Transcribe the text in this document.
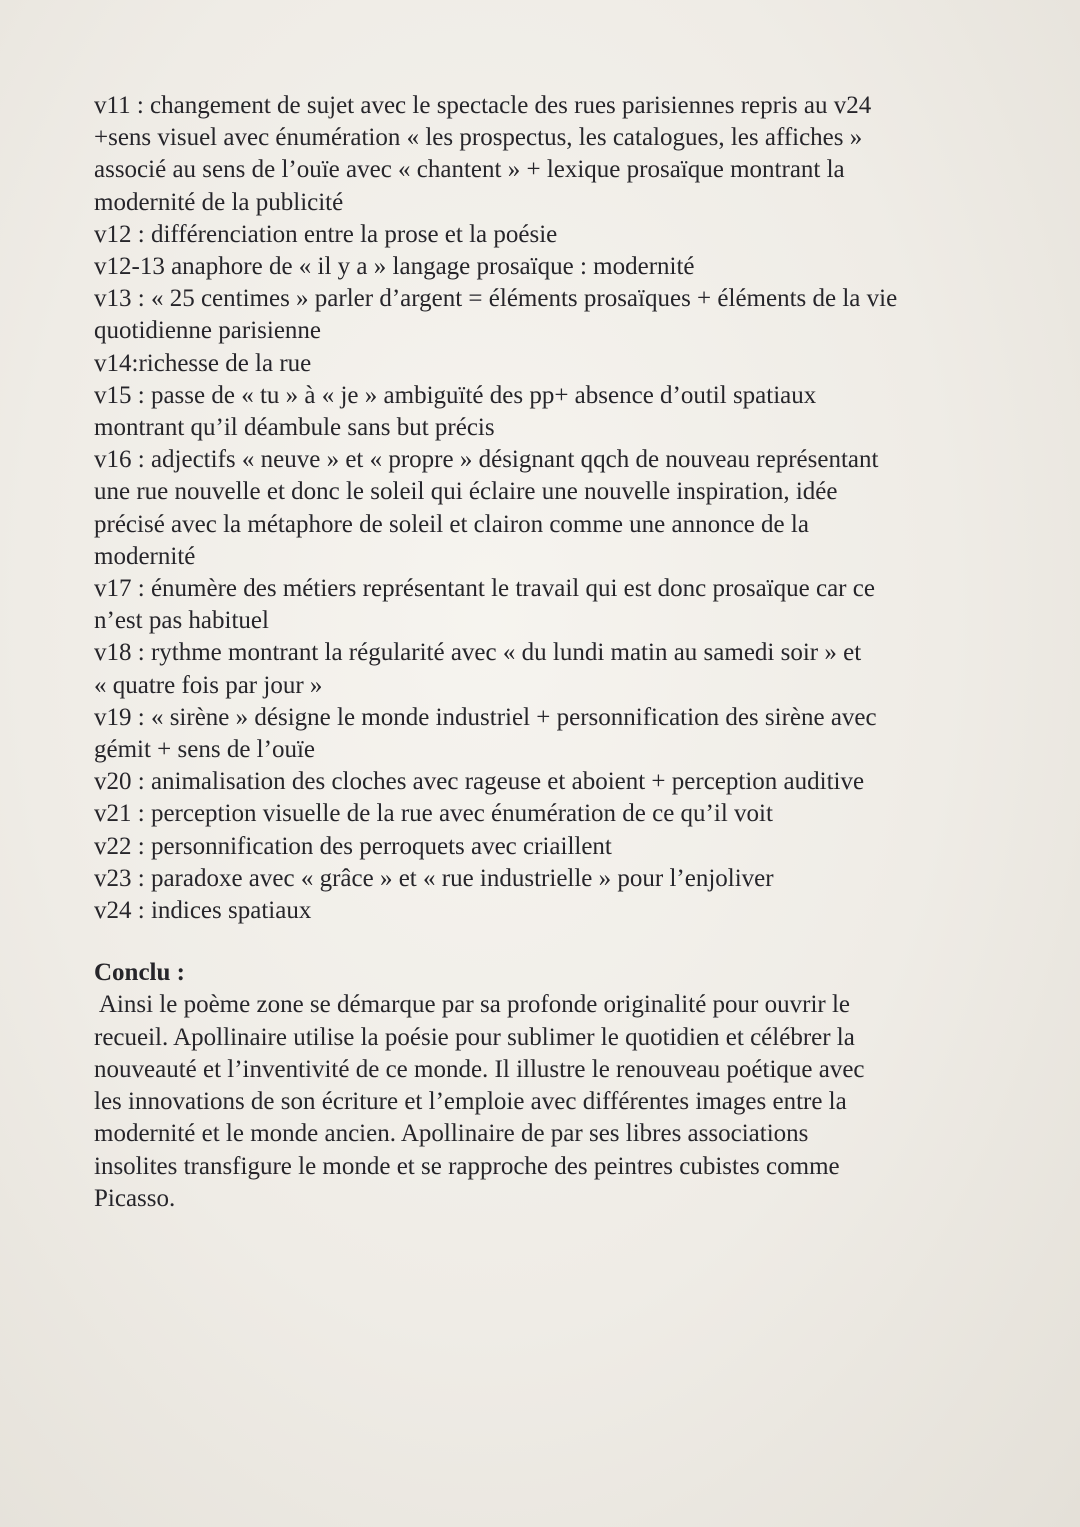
v11 : changement de sujet avec le spectacle des rues parisiennes repris au v24

+sens visuel avec énumération « les prospectus, les catalogues, les affiches »

associé au sens de l’ouïe avec « chantent » + lexique prosaïque montrant la

modernité de la publicité

v12 : différenciation entre la prose et la poésie

v12-13 anaphore de « il y a » langage prosaïque : modernité

v13 : « 25 centimes » parler d’argent = éléments prosaïques + éléments de la vie

quotidienne parisienne

v14:richesse de la rue

v15 : passe de « tu » à « je » ambiguïté des pp+ absence d’outil spatiaux

montrant qu’il déambule sans but précis

v16 : adjectifs « neuve » et « propre » désignant qqch de nouveau représentant

une rue nouvelle et donc le soleil qui éclaire une nouvelle inspiration, idée

précisé avec la métaphore de soleil et clairon comme une annonce de la

modernité

v17 : énumère des métiers représentant le travail qui est donc prosaïque car ce

n’est pas habituel

v18 : rythme montrant la régularité avec « du lundi matin au samedi soir » et

« quatre fois par jour »

v19 : « sirène » désigne le monde industriel + personnification des sirène avec

gémit + sens de l’ouïe

v20 : animalisation des cloches avec rageuse et aboient + perception auditive

v21 : perception visuelle de la rue avec énumération de ce qu’il voit

v22 : personnification des perroquets avec criaillent

v23 : paradoxe avec « grâce » et « rue industrielle » pour l’enjoliver

v24 : indices spatiaux

Conclu :

Ainsi le poème zone se démarque par sa profonde originalité pour ouvrir le

recueil. Apollinaire utilise la poésie pour sublimer le quotidien et célébrer la

nouveauté et l’inventivité de ce monde. Il illustre le renouveau poétique avec

les innovations de son écriture et l’emploie avec différentes images entre la

modernité et le monde ancien. Apollinaire de par ses libres associations

insolites transfigure le monde et se rapproche des peintres cubistes comme

Picasso.
